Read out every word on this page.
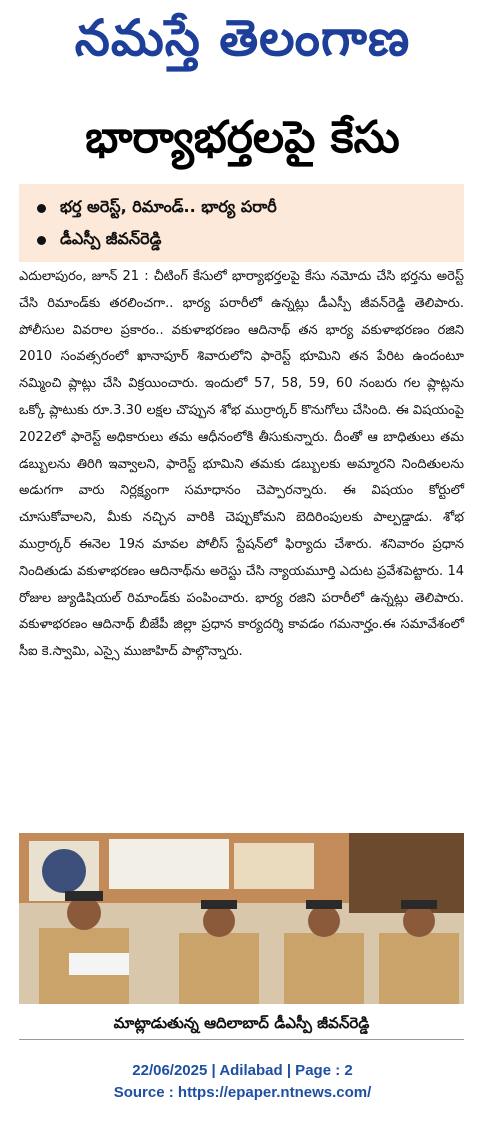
నమస్తే తెలంగాణ
భార్యాభర్తలపై కేసు
భర్త అరెస్ట్, రిమాండ్.. భార్య పరారీ
డీఎస్పీ జీవన్‌రెడ్డి
ఎదులాపురం, జూన్ 21 : చీటింగ్ కేసులో భార్యాభర్తలపై కేసు నమోదు చేసి భర్తను అరెస్ట్ చేసి రిమాండ్‌కు తరలించగా.. భార్య పరారీలో ఉన్నట్లు డీఎస్పీ జీవన్‌రెడ్డి తెలిపారు. పోలీసుల వివరాల ప్రకారం.. వకుళాభరణం ఆదినాథ్ తన భార్య వకుళాభరణం రజిని 2010 సంవత్సరంలో ఖానాపూర్ శివారులోని ఫారెస్ట్ భూమిని తన పేరిట ఉందంటూ నమ్మించి ప్లాట్లు చేసి విక్రయించారు. ఇందులో 57, 58, 59, 60 నంబరు గల ప్లాట్లను ఒక్కో ప్లాటుకు రూ.3.30 లక్షల చొప్పున శోభ ముర్రార్కర్ కొనుగోలు చేసింది. ఈ విషయంపై 2022లో ఫారెస్ట్ అధికారులు తమ ఆధీనంలోకి తీసుకున్నారు. దీంతో ఆ బాధితులు తమ డబ్బులను తిరిగి ఇవ్వాలని, ఫారెస్ట్ భూమిని తమకు డబ్బులకు అమ్మారని నిందితులను అడుగగా వారు నిర్లక్ష్యంగా సమాధానం చెప్పారన్నారు. ఈ విషయం కోర్టులో చూసుకోవాలని, మీకు నచ్చిన వారికి చెప్పుకోమని బెదిరింపులకు పాల్పడ్డాడు. శోభ ముర్రార్కర్ ఈనెల 19న మావల పోలీస్ స్టేషన్‌లో ఫిర్యాదు చేశారు. శనివారం ప్రధాన నిందితుడు వకుళాభరణం ఆదినాథ్‌ను అరెస్టు చేసి న్యాయమూర్తి ఎదుట ప్రవేశపెట్టారు. 14 రోజుల జ్యుడిషియల్ రిమాండ్‌కు పంపించారు. భార్య రజిని పరారీలో ఉన్నట్లు తెలిపారు. వకుళాభరణం ఆదినాథ్ బీజేపీ జిల్లా ప్రధాన కార్యదర్శి కావడం గమనార్హం.ఈ సమావేశంలో సీఐ కె.స్వామి, ఎస్సై ముజాహిద్ పాల్గొన్నారు.
మాట్లాడుతున్న ఆదిలాబాద్ డీఎస్పీ జీవన్‌రెడ్డి
22/06/2025 | Adilabad | Page : 2
Source : https://epaper.ntnews.com/
